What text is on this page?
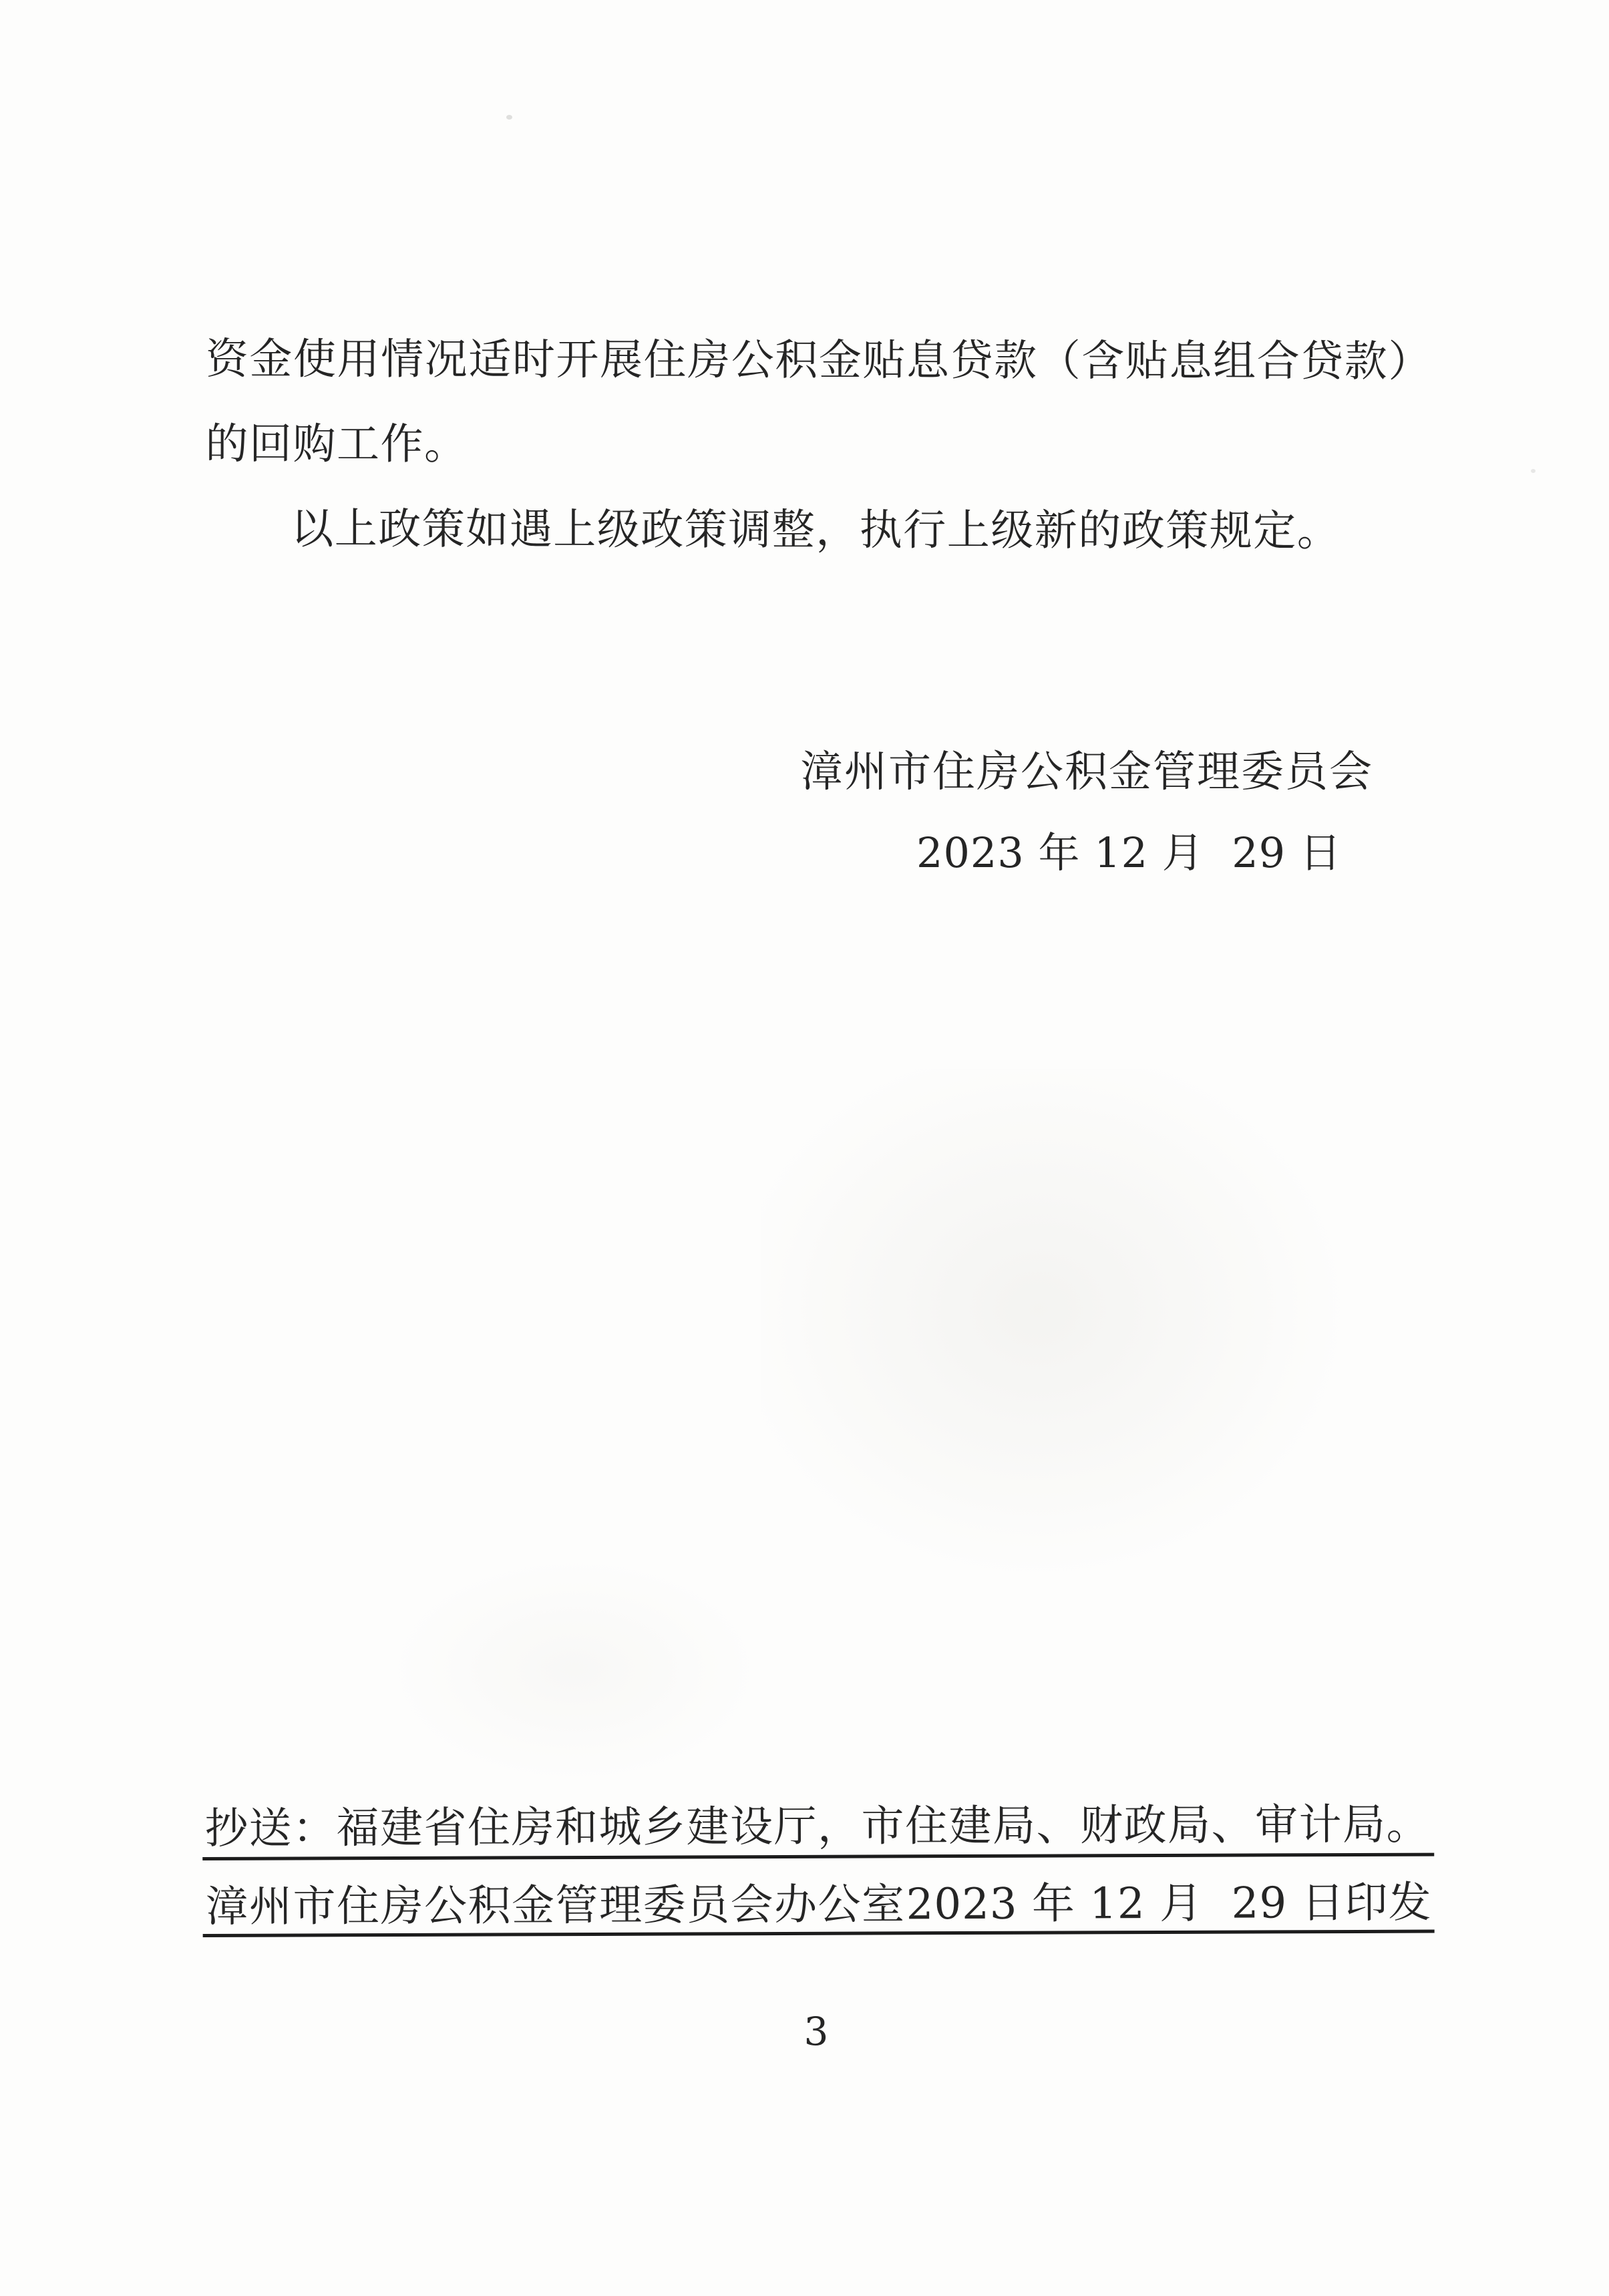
资金使用情况适时开展住房公积金贴息贷款（含贴息组合贷款）的回购工作。

以上政策如遇上级政策调整，执行上级新的政策规定。

漳州市住房公积金管理委员会
2023 年 12 月  29 日

抄送：福建省住房和城乡建设厅，市住建局、财政局、审计局。

漳州市住房公积金管理委员会办公室 2023 年 12 月  29 日印发
3
